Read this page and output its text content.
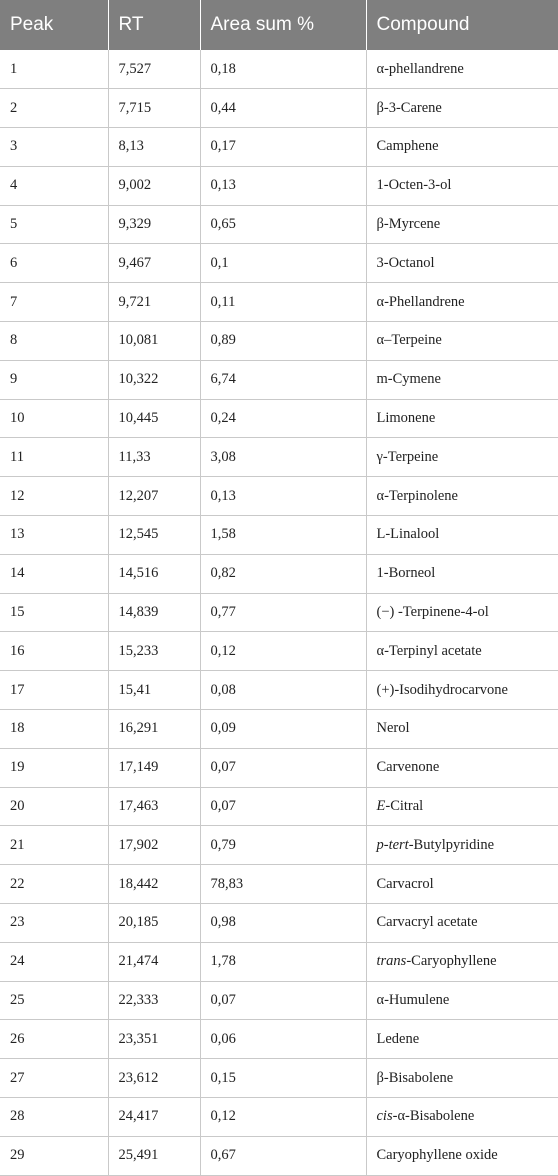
Peak	RT	Area sum %	Compound
1	7,527	0,18	α-phellandrene
2	7,715	0,44	β-3-Carene
3	8,13	0,17	Camphene
4	9,002	0,13	1-Octen-3-ol
5	9,329	0,65	β-Myrcene
6	9,467	0,1	3-Octanol
7	9,721	0,11	α-Phellandrene
8	10,081	0,89	α–Terpeine
9	10,322	6,74	m-Cymene
10	10,445	0,24	Limonene
11	11,33	3,08	γ-Terpeine
12	12,207	0,13	α-Terpinolene
13	12,545	1,58	L-Linalool
14	14,516	0,82	1-Borneol
15	14,839	0,77	(−) -Terpinene-4-ol
16	15,233	0,12	α-Terpinyl acetate
17	15,41	0,08	(+)-Isodihydrocarvone
18	16,291	0,09	Nerol
19	17,149	0,07	Carvenone
20	17,463	0,07	E-Citral
21	17,902	0,79	p-tert-Butylpyridine
22	18,442	78,83	Carvacrol
23	20,185	0,98	Carvacryl acetate
24	21,474	1,78	trans-Caryophyllene
25	22,333	0,07	α-Humulene
26	23,351	0,06	Ledene
27	23,612	0,15	β-Bisabolene
28	24,417	0,12	cis-α-Bisabolene
29	25,491	0,67	Caryophyllene oxide
